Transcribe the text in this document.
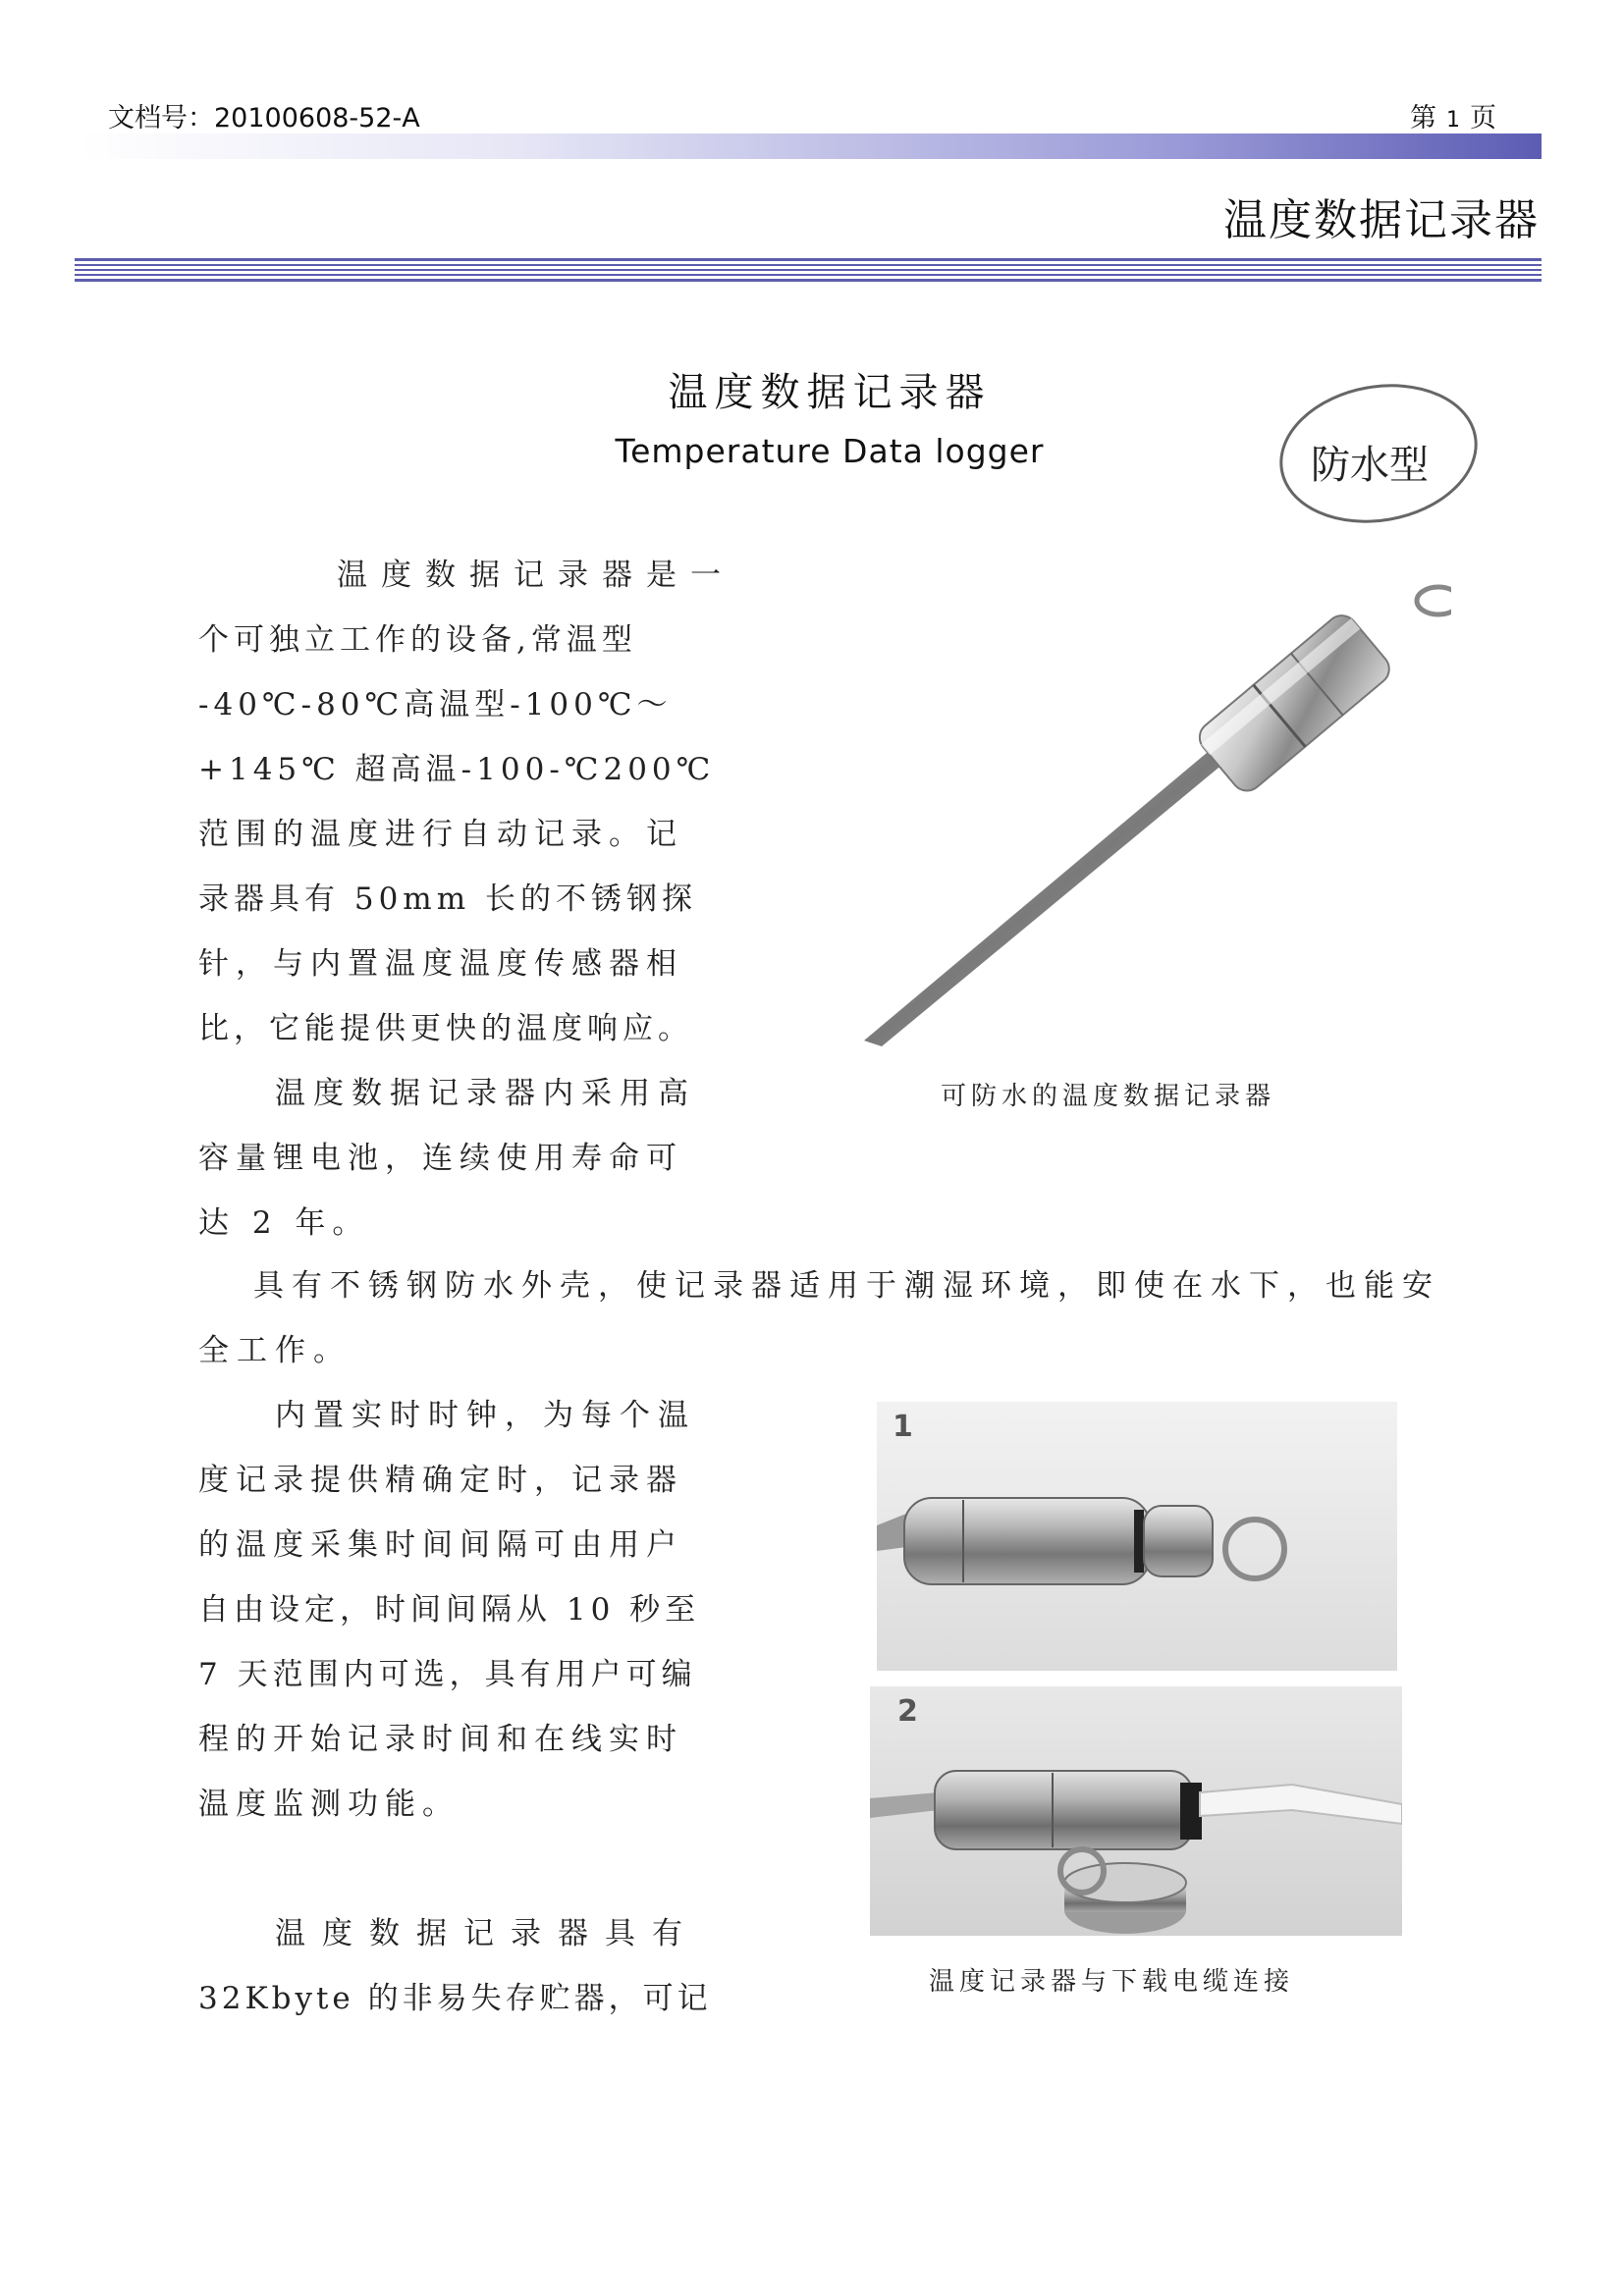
文档号：20100608-52-A	第 1 页
温度数据记录器
温度数据记录器
Temperature Data logger	防水型
温度数据记录器是一
个可独立工作的设备,常温型
-40℃-80℃高温型-100℃～
+145℃ 超高温-100-℃200℃
范围的温度进行自动记录。记
录器具有 50mm 长的不锈钢探
针，与内置温度温度传感器相
比，它能提供更快的温度响应。
温度数据记录器内采用高
容量锂电池，连续使用寿命可
达 2 年。
可防水的温度数据记录器
具有不锈钢防水外壳，使记录器适用于潮湿环境，即使在水下，也能安
全工作。
内置实时时钟，为每个温
度记录提供精确定时，记录器
的温度采集时间间隔可由用户
自由设定，时间间隔从 10 秒至
7 天范围内可选，具有用户可编
程的开始记录时间和在线实时
温度监测功能。
温度数据记录器具有
32Kbyte 的非易失存贮器，可记
1
2
温度记录器与下载电缆连接
